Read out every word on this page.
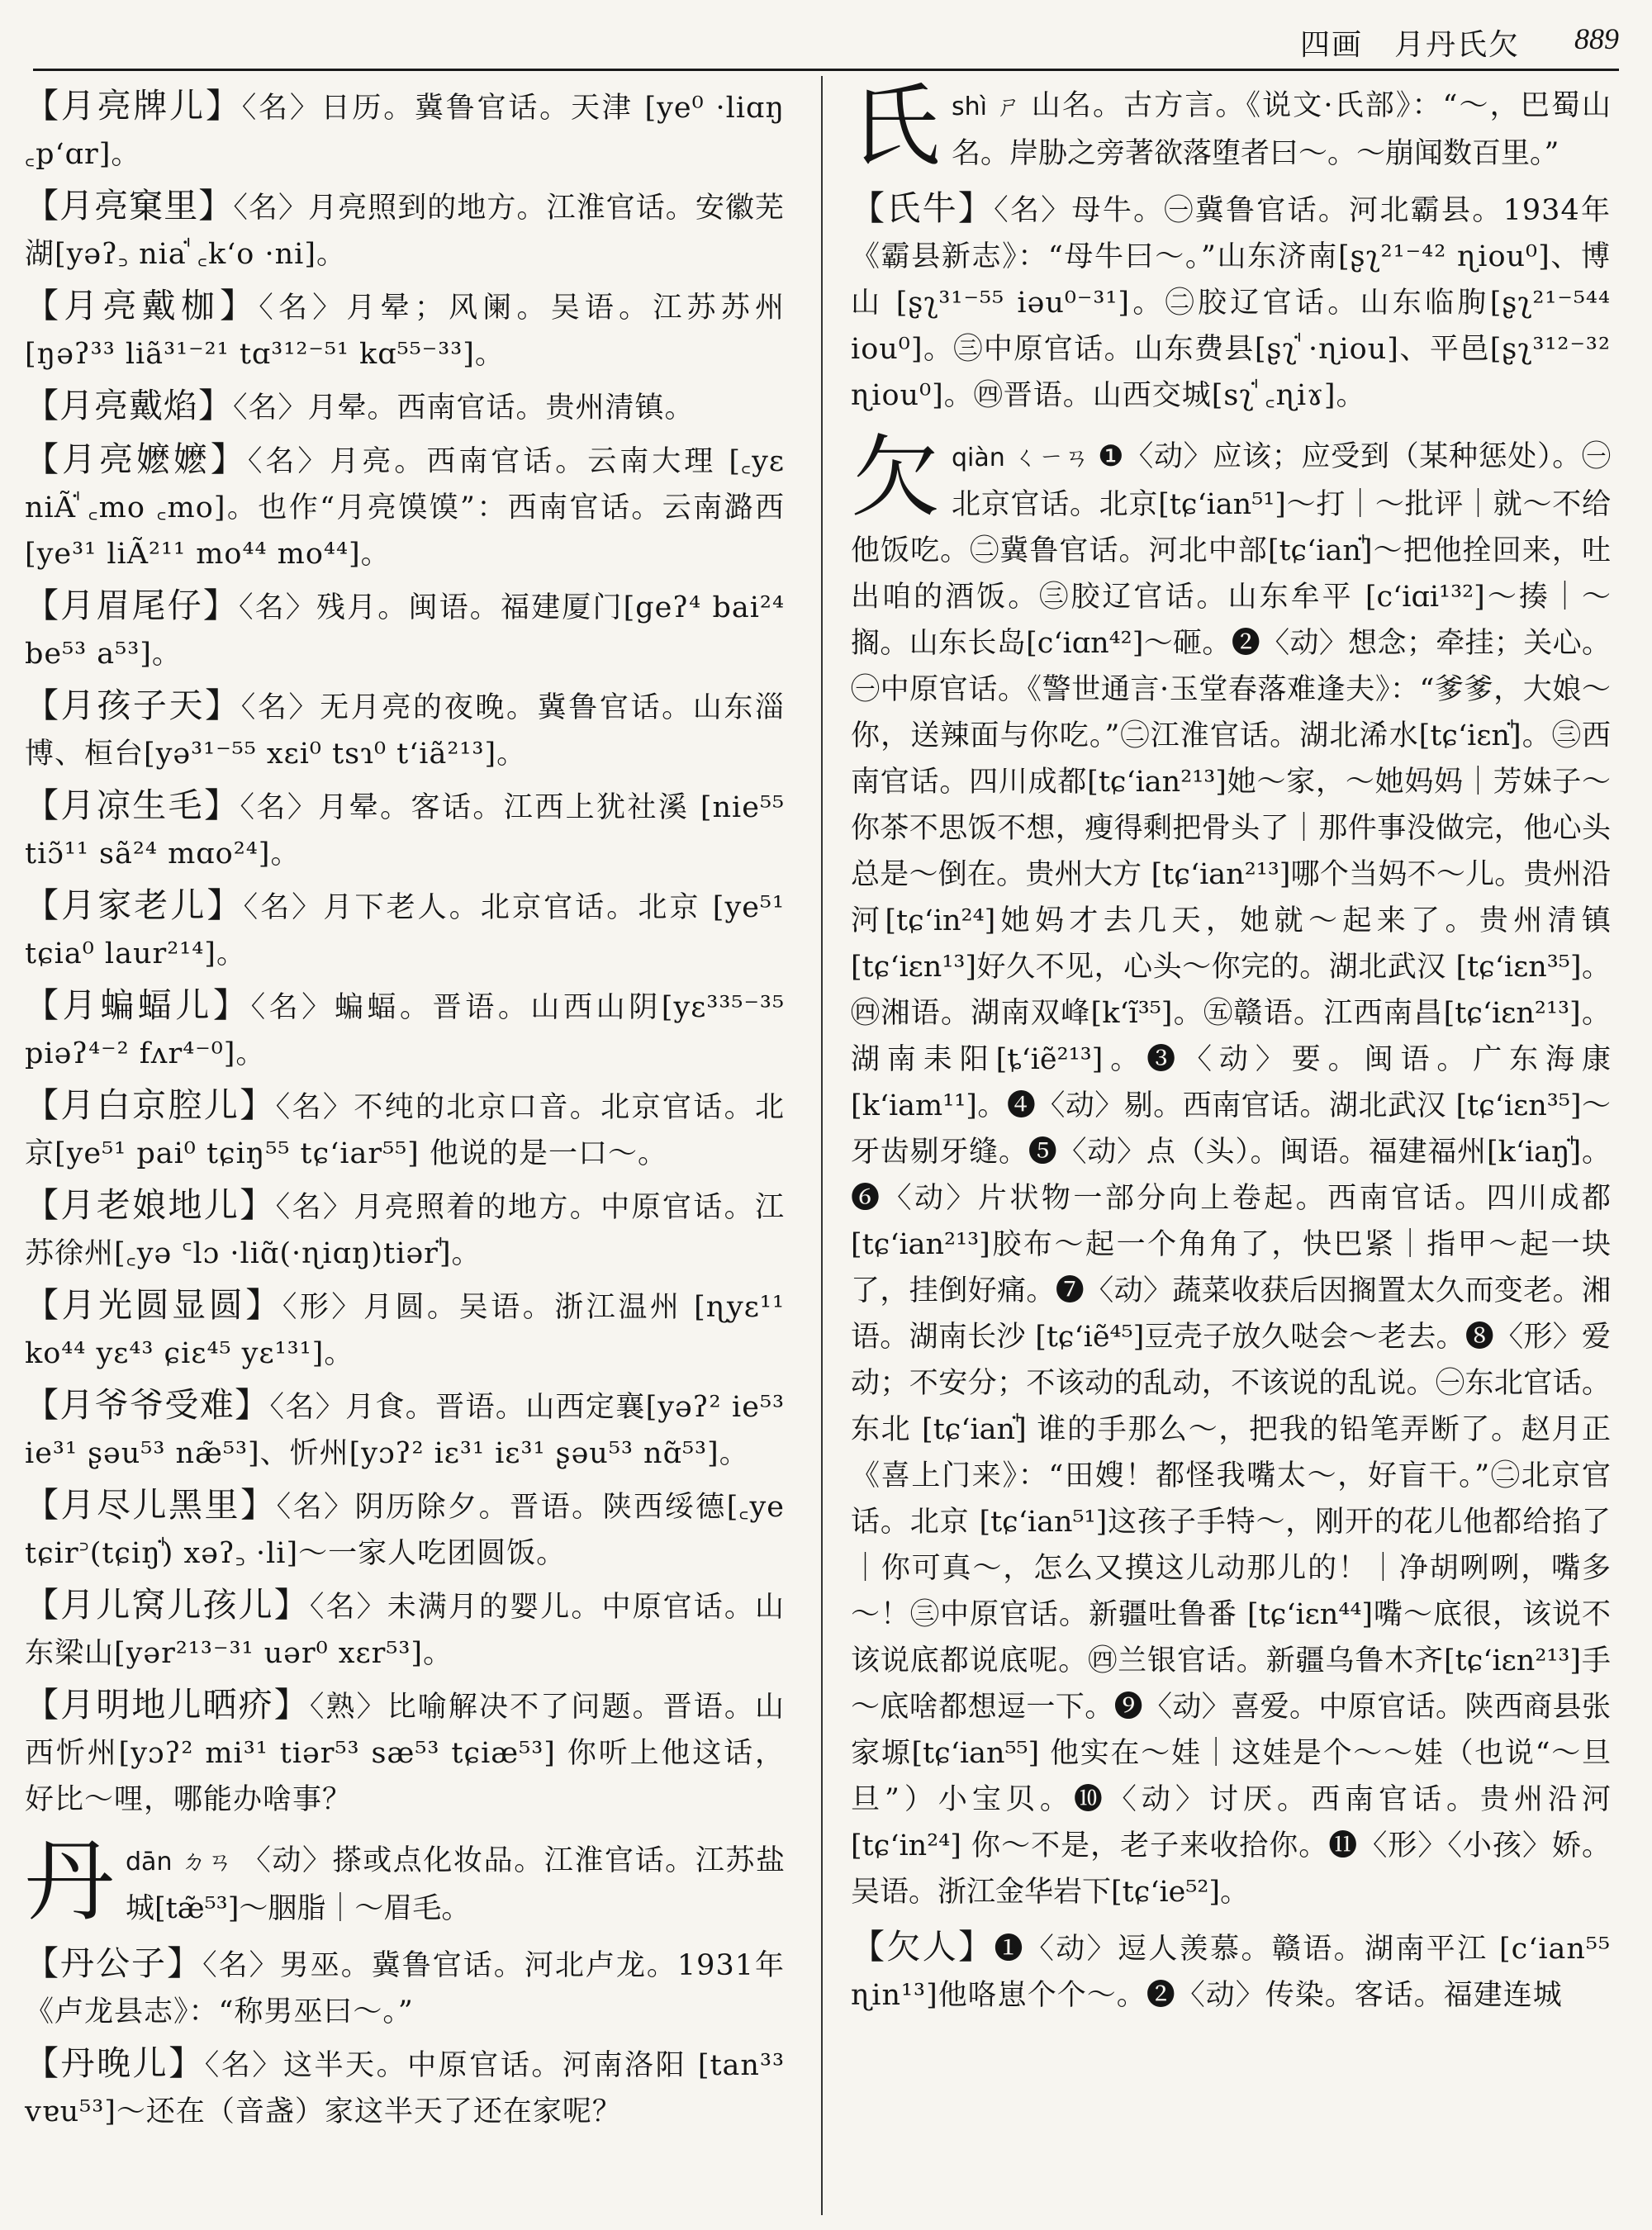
四画　月丹氏欠 889

【月亮牌儿】〈名〉日历。冀鲁官话。天津 [ye⁰ ·liɑŋ ꜀pʻɑr]。

【月亮窠里】〈名〉月亮照到的地方。江淮官话。安徽芜湖[yəʔ꜆ niaꜗ ꜀kʻo ·ni]。

【月亮戴枷】〈名〉月晕；风阑。吴语。江苏苏州[ŋəʔ³³ liã³¹⁻²¹ tɑ³¹²⁻⁵¹ kɑ⁵⁵⁻³³]。

【月亮戴焰】〈名〉月晕。西南官话。贵州清镇。

【月亮嬷嬷】〈名〉月亮。西南官话。云南大理 [꜀yɛ niÃꜗ ꜀mo ꜀mo]。也作“月亮馍馍”：西南官话。云南潞西[ye³¹ liÃ²¹¹ mo⁴⁴ mo⁴⁴]。

【月眉尾仔】〈名〉残月。闽语。福建厦门[geʔ⁴ bai²⁴ be⁵³ a⁵³]。

【月孩子天】〈名〉无月亮的夜晚。冀鲁官话。山东淄博、桓台[yə³¹⁻⁵⁵ xɛi⁰ tsɿ⁰ tʻiã²¹³]。

【月凉生毛】〈名〉月晕。客话。江西上犹社溪 [nie⁵⁵ tiɔ̃¹¹ sã²⁴ mɑo²⁴]。

【月家老儿】〈名〉月下老人。北京官话。北京 [ye⁵¹ tɕia⁰ laur²¹⁴]。

【月蝙蝠儿】〈名〉蝙蝠。晋语。山西山阴[yɛ³³⁵⁻³⁵ piəʔ⁴⁻² fʌr⁴⁻⁰]。

【月白京腔儿】〈名〉不纯的北京口音。北京官话。北京[ye⁵¹ pai⁰ tɕiŋ⁵⁵ tɕʻiar⁵⁵] 他说的是一口～。

【月老娘地儿】〈名〉月亮照着的地方。中原官话。江苏徐州[꜀yə ꜂lɔ ·liɑ̃(·ɳiɑŋ)tiərꜗ]。

【月光圆显圆】〈形〉月圆。吴语。浙江温州 [ɳyɛ¹¹ ko⁴⁴ yɛ⁴³ ɕiɛ⁴⁵ yɛ¹³¹]。

【月爷爷受难】〈名〉月食。晋语。山西定襄[yəʔ² ie⁵³ ie³¹ ʂəu⁵³ næ̃⁵³]、忻州[yɔʔ² iɛ³¹ iɛ³¹ ʂəu⁵³ nɑ̃⁵³]。

【月尽儿黑里】〈名〉阴历除夕。晋语。陕西绥德[꜀ye tɕir꜄(tɕiŋꜗ) xəʔ꜆ ·li]～一家人吃团圆饭。

【月儿窝儿孩儿】〈名〉未满月的婴儿。中原官话。山东梁山[yər²¹³⁻³¹ uər⁰ xɛr⁵³]。

【月明地儿晒疥】〈熟〉比喻解决不了问题。晋语。山西忻州[yɔʔ² mi³¹ tiər⁵³ sæ⁵³ tɕiæ⁵³] 你听上他这话，好比～哩，哪能办啥事？

丹dān ㄉㄢ 〈动〉搽或点化妆品。江淮官话。江苏盐城[tæ̃⁵³]～胭脂｜～眉毛。

【丹公子】〈名〉男巫。冀鲁官话。河北卢龙。1931年《卢龙县志》：“称男巫曰～。”

【丹晚儿】〈名〉这半天。中原官话。河南洛阳 [tan³³ vɐu⁵³]～还在（音盏）家这半天了还在家呢？

氏shì ㄕ 山名。古方言。《说文·氏部》：“～，巴蜀山名。岸胁之旁著欲落堕者曰～。～崩闻数百里。”

【氏牛】〈名〉母牛。㊀冀鲁官话。河北霸县。1934年《霸县新志》：“母牛曰～。”山东济南[ʂʅ²¹⁻⁴² ɳiou⁰]、博山 [ʂʅ³¹⁻⁵⁵ iəu⁰⁻³¹]。㊁胶辽官话。山东临朐[ʂʅ²¹⁻⁵⁴⁴ iou⁰]。㊂中原官话。山东费县[ʂʅꜗ ·ɳiou]、平邑[ʂʅ³¹²⁻³² ɳiou⁰]。㊃晋语。山西交城[sʅꜗ ꜀ɳiɤ]。

欠qiàn ㄑㄧㄢ ❶〈动〉应该；应受到（某种惩处）。㊀北京官话。北京[tɕʻian⁵¹]～打｜～批评｜就～不给他饭吃。㊁冀鲁官话。河北中部[tɕʻianꜗ]～把他拴回来，吐出咱的酒饭。㊂胶辽官话。山东牟平 [cʻiɑi¹³²]～揍｜～搁。山东长岛[cʻiɑn⁴²]～砸。❷〈动〉想念；牵挂；关心。㊀中原官话。《警世通言·玉堂春落难逢夫》：“爹爹，大娘～你，送辣面与你吃。”㊁江淮官话。湖北浠水[tɕʻiɛnꜗ]。㊂西南官话。四川成都[tɕʻian²¹³]她～家，～她妈妈｜芳妹子～你茶不思饭不想，瘦得剩把骨头了｜那件事没做完，他心头总是～倒在。贵州大方 [tɕʻian²¹³]哪个当妈不～儿。贵州沿河[tɕʻin²⁴]她妈才去几天，她就～起来了。贵州清镇 [tɕʻiɛn¹³]好久不见，心头～你完的。湖北武汉 [tɕʻiɛn³⁵]。㊃湘语。湖南双峰[kʻĩ³⁵]。㊄赣语。江西南昌[tɕʻiɛn²¹³]。湖南耒阳[ȶʻiẽ²¹³]。❸〈动〉要。闽语。广东海康[kʻiam¹¹]。❹〈动〉剔。西南官话。湖北武汉 [tɕʻiɛn³⁵]～牙齿剔牙缝。❺〈动〉点（头）。闽语。福建福州[kʻiaŋꜗ]。❻〈动〉片状物一部分向上卷起。西南官话。四川成都[tɕʻian²¹³]胶布～起一个角角了，快巴紧｜指甲～起一块了，挂倒好痛。❼〈动〉蔬菜收获后因搁置太久而变老。湘语。湖南长沙 [tɕʻiẽ⁴⁵]豆壳子放久哒会～老去。❽〈形〉爱动；不安分；不该动的乱动，不该说的乱说。㊀东北官话。东北 [tɕʻianꜗ] 谁的手那么～，把我的铅笔弄断了。赵月正《喜上门来》：“田嫂！都怪我嘴太～，好盲干。”㊁北京官话。北京 [tɕʻian⁵¹]这孩子手特～，刚开的花儿他都给掐了｜你可真～，怎么又摸这儿动那儿的！｜净胡咧咧，嘴多～！㊂中原官话。新疆吐鲁番 [tɕʻiɛn⁴⁴]嘴～底很，该说不该说底都说底呢。㊃兰银官话。新疆乌鲁木齐[tɕʻiɛn²¹³]手～底啥都想逗一下。❾〈动〉喜爱。中原官话。陕西商县张家塬[tɕʻian⁵⁵] 他实在～娃｜这娃是个～～娃（也说“～旦旦”）小宝贝。❿〈动〉讨厌。西南官话。贵州沿河[tɕʻin²⁴] 你～不是，老子来收拾你。⓫〈形〉〈小孩〉娇。吴语。浙江金华岩下[tɕʻie⁵²]。

【欠人】❶〈动〉逗人羡慕。赣语。湖南平江 [cʻian⁵⁵ ɳin¹³]他咯崽个个～。❷〈动〉传染。客话。福建连城
